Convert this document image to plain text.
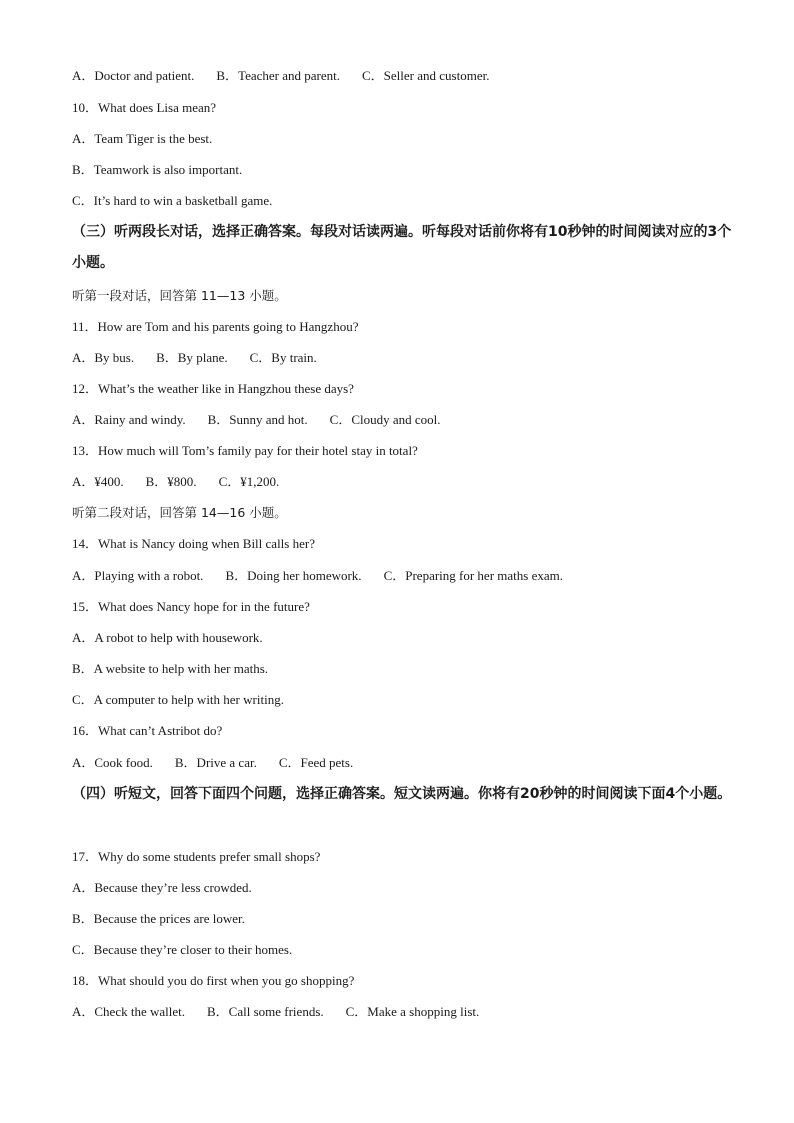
A．Doctor and patient. B．Teacher and parent. C．Seller and customer.
10．What does Lisa mean?
A．Team Tiger is the best.
B．Teamwork is also important.
C．It’s hard to win a basketball game.
（三）听两段长对话，选择正确答案。每段对话读两遍。听每段对话前你将有10秒钟的时间阅读对应的3个小题。
听第一段对话，回答第 11—13 小题。
11．How are Tom and his parents going to Hangzhou?
A．By bus. B．By plane. C．By train.
12．What’s the weather like in Hangzhou these days?
A．Rainy and windy. B．Sunny and hot. C．Cloudy and cool.
13．How much will Tom’s family pay for their hotel stay in total?
A．¥400. B．¥800. C．¥1,200.
听第二段对话，回答第 14—16 小题。
14．What is Nancy doing when Bill calls her?
A．Playing with a robot. B．Doing her homework. C．Preparing for her maths exam.
15．What does Nancy hope for in the future?
A．A robot to help with housework.
B．A website to help with her maths.
C．A computer to help with her writing.
16．What can’t Astribot do?
A．Cook food. B．Drive a car. C．Feed pets.
（四）听短文，回答下面四个问题，选择正确答案。短文读两遍。你将有20秒钟的时间阅读下面4个小题。
17．Why do some students prefer small shops?
A．Because they’re less crowded.
B．Because the prices are lower.
C．Because they’re closer to their homes.
18．What should you do first when you go shopping?
A．Check the wallet. B．Call some friends. C．Make a shopping list.
